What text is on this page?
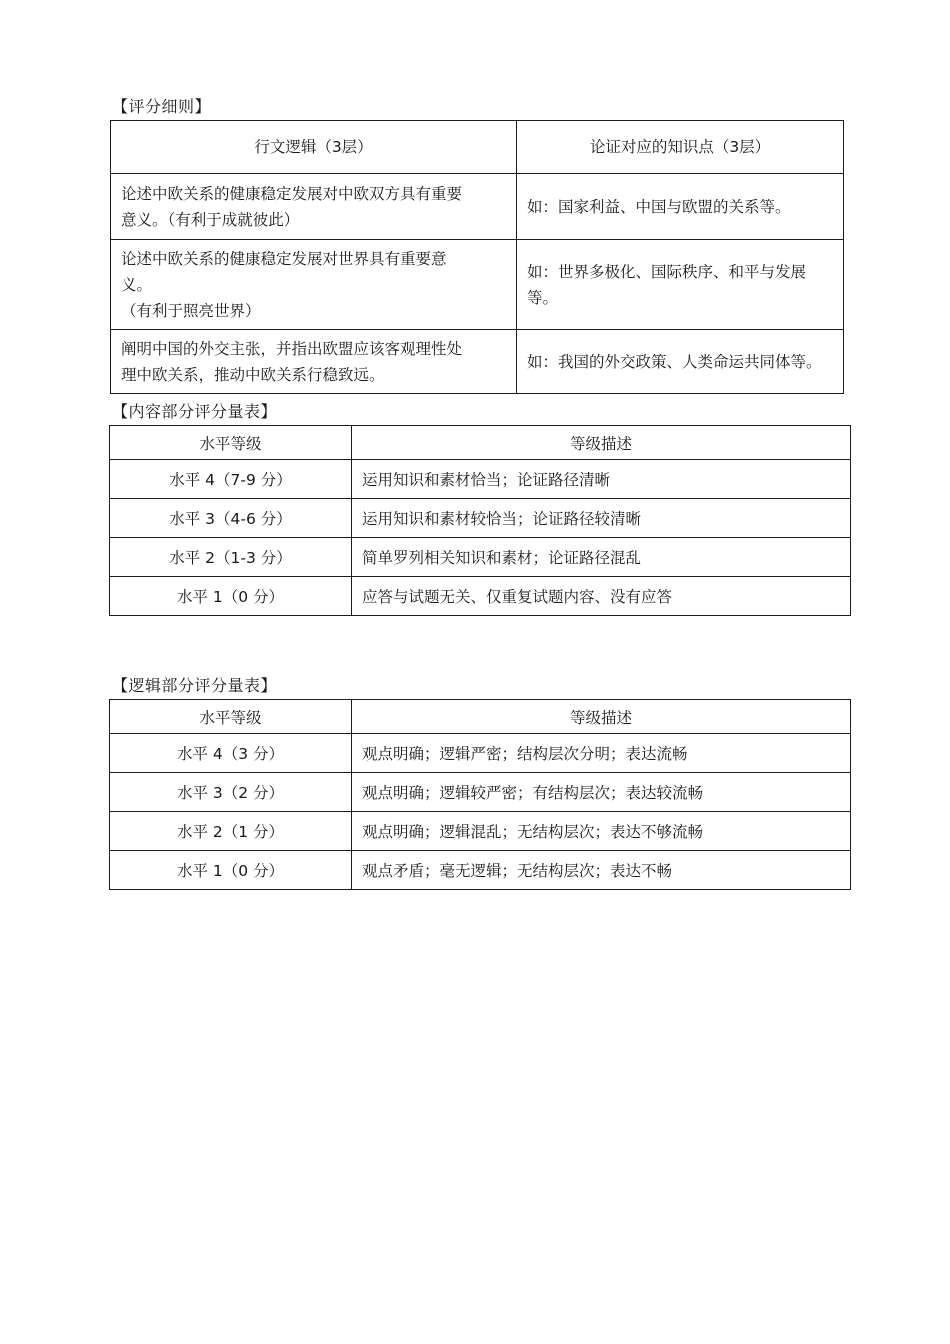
【评分细则】
行文逻辑（3层）	论证对应的知识点（3层）

论述中欧关系的健康稳定发展对中欧双方具有重要
意义。（有利于成就彼此）	如：国家利益、中国与欧盟的关系等。

论述中欧关系的健康稳定发展对世界具有重要意
义。
（有利于照亮世界）	如：世界多极化、国际秩序、和平与发展
等。

阐明中国的外交主张，并指出欧盟应该客观理性处
理中欧关系，推动中欧关系行稳致远。	如：我国的外交政策、人类命运共同体等。
【内容部分评分量表】
水平等级	等级描述
水平 4（7-9 分）	运用知识和素材恰当；论证路径清晰
水平 3（4-6 分）	运用知识和素材较恰当；论证路径较清晰
水平 2（1-3 分）	简单罗列相关知识和素材；论证路径混乱
水平 1（0 分）	应答与试题无关、仅重复试题内容、没有应答
【逻辑部分评分量表】
水平等级	等级描述
水平 4（3 分）	观点明确；逻辑严密；结构层次分明；表达流畅
水平 3（2 分）	观点明确；逻辑较严密；有结构层次；表达较流畅
水平 2（1 分）	观点明确；逻辑混乱；无结构层次；表达不够流畅
水平 1（0 分）	观点矛盾；毫无逻辑；无结构层次；表达不畅
